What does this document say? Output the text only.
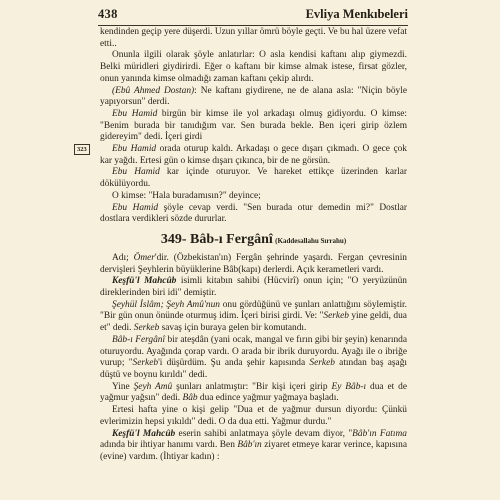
438	Evliya Menkıbeleri
323

kendinden geçip yere düşerdi. Uzun yıllar ömrü böyle geçti. Ve bu hal üzere vefat etti..

Onunla ilgili olarak şöyle anlatırlar: O asla kendisi kaftanı alıp giymezdi. Belki müridleri giydirirdi. Eğer o kaftanı bir kimse almak istese, firsat gözler, onun yanında kimse olmadığı zaman kaftanı çekip alırdı.

(Ebû Ahmed Dostan): Ne kaftanı giydirene, ne de alana asla: "Niçin böyle yapıyorsun" derdi.

Ebu Hamid birgün bir kimse ile yol arkadaşı olmuş gidiyordu. O kimse: "Benim burada bir tanıdığım var. Sen burada bekle. Ben içeri girip özlem gidereyim" dedi. İçeri girdi

Ebu Hamid orada oturup kaldı. Arkadaşı o gece dışarı çıkmadı. O gece çok kar yağdı. Ertesi gün o kimse dışarı çıkınca, bir de ne görsün.

Ebu Hamid kar içinde oturuyor. Ve hareket ettikçe üzerinden karlar dökülüyordu.

O kimse: "Hala buradamısın?" deyince;

Ebu Hamid şöyle cevap verdi. "Sen burada otur demedin mi?" Dostlar dostlara verdikleri sözde dururlar.

349- Bâb-ı Fergânî (Kaddesallahu Sırrahu)

Adı; Ömer'dir. (Özbekistan'ın) Fergân şehrinde yaşardı. Fergan çevresinin dervişleri Şeyhlerin büyüklerine Bâb(kapı) derlerdi. Açık kerametleri vardı.

Keşfü'l Mahcûb isimli kitabın sahibi (Hücvirî) onun için; "O yeryüzünün direklerinden biri idi" demiştir.

Şeyhül İslâm; Şeyh Amû'nun onu gördüğünü ve şunları anlattığını söylemiştir. "Bir gün onun önünde oturmuş idim. İçeri birisi girdi. Ve: "Serkeb yine geldi, dua et" dedi. Serkeb savaş için buraya gelen bir komutandı.

Bâb-ı Fergânî bir ateşdân (yani ocak, mangal ve fırın gibi bir şeyin) kenarında oturuyordu. Ayağında çorap vardı. O arada bir ibrik duruyordu. Ayağı ile o ibriğe vurup; "Serkeb'i düşürdüm. Şu anda şehir kapısında Serkeb atından baş aşağı düştü ve boynu kırıldı" dedi.

Yine Şeyh Amû şunları anlatmıştır: "Bir kişi içeri girip Ey Bâb-ı dua et de yağmur yağsın" dedi. Bâb dua edince yağmur yağmaya başladı.

Ertesi hafta yine o kişi gelip "Dua et de yağmur dursun diyordu: Çünkü evlerimizin hepsi yıkıldı" dedi. O da dua etti. Yağmur durdu."

Keşfü'l Mahcûb eserin sahibi anlatmaya şöyle devam diyor, "Bâb'ın Fatıma adında bir ihtiyar hanımı vardı. Ben Bâb'ın ziyaret etmeye karar verince, kapısına (evine) vardım. (İhtiyar kadın) :
